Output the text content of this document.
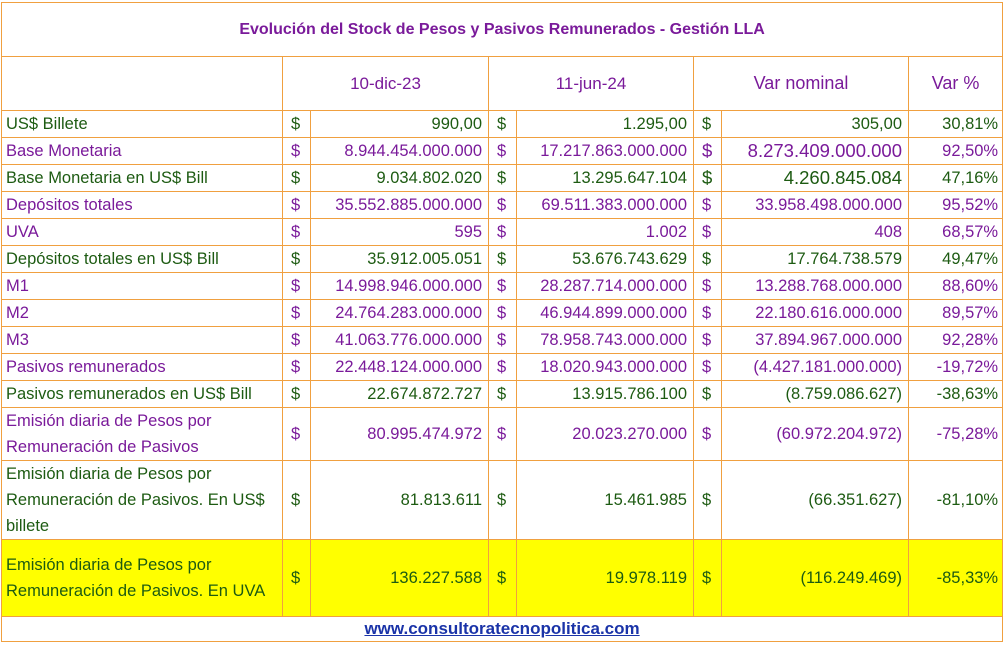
Evolución del Stock de Pesos y Pasivos Remunerados - Gestión LLA							
	10-dic-23		11-jun-24		Var nominal		Var %
US$ Billete	$	990,00	$	1.295,00	$	305,00	30,81%
Base Monetaria	$	8.944.454.000.000	$	17.217.863.000.000	$	8.273.409.000.000	92,50%
Base Monetaria en US$ Bill	$	9.034.802.020	$	13.295.647.104	$	4.260.845.084	47,16%
Depósitos totales	$	35.552.885.000.000	$	69.511.383.000.000	$	33.958.498.000.000	95,52%
UVA	$	595	$	1.002	$	408	68,57%
Depósitos totales en US$ Bill	$	35.912.005.051	$	53.676.743.629	$	17.764.738.579	49,47%
M1	$	14.998.946.000.000	$	28.287.714.000.000	$	13.288.768.000.000	88,60%
M2	$	24.764.283.000.000	$	46.944.899.000.000	$	22.180.616.000.000	89,57%
M3	$	41.063.776.000.000	$	78.958.743.000.000	$	37.894.967.000.000	92,28%
Pasivos remunerados	$	22.448.124.000.000	$	18.020.943.000.000	$	(4.427.181.000.000)	-19,72%
Pasivos remunerados en US$ Bill	$	22.674.872.727	$	13.915.786.100	$	(8.759.086.627)	-38,63%
Emisión diaria de Pesos por Remuneración de Pasivos	$	80.995.474.972	$	20.023.270.000	$	(60.972.204.972)	-75,28%
Emisión diaria de Pesos por Remuneración de Pasivos. En US$ billete	$	81.813.611	$	15.461.985	$	(66.351.627)	-81,10%
Emisión diaria de Pesos por Remuneración de Pasivos. En UVA	$	136.227.588	$	19.978.119	$	(116.249.469)	-85,33%
www.consultoratecnopolitica.com							
